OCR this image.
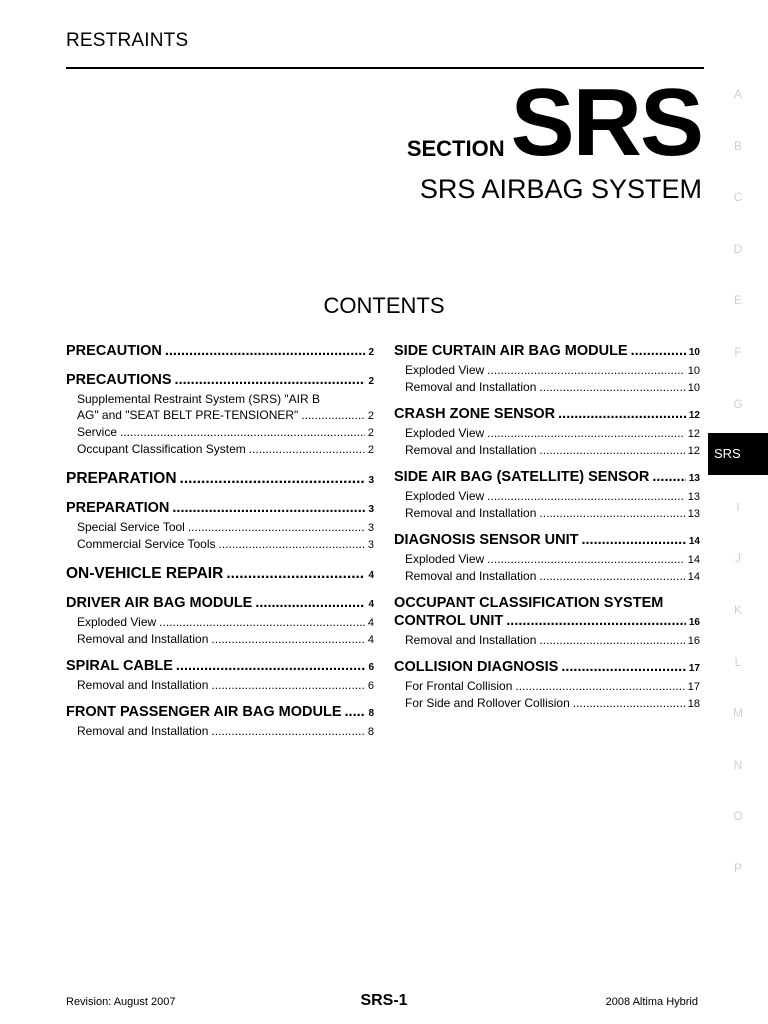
RESTRAINTS
SECTION SRS
SRS AIRBAG SYSTEM
CONTENTS
PRECAUTION .....	2
PRECAUTIONS .....	2
Supplemental Restraint System (SRS) "AIR B
AG" and "SEAT BELT PRE-TENSIONER" .....	2
Service .....	2
Occupant Classification System .....	2
PREPARATION .....	3
PREPARATION .....	3
Special Service Tool .....	3
Commercial Service Tools .....	3
ON-VEHICLE REPAIR .....	4
DRIVER AIR BAG MODULE .....	4
Exploded View .....	4
Removal and Installation .....	4
SPIRAL CABLE .....	6
Removal and Installation .....	6
FRONT PASSENGER AIR BAG MODULE .....	8
Removal and Installation .....	8
SIDE CURTAIN AIR BAG MODULE .....	10
Exploded View .....	10
Removal and Installation .....	10
CRASH ZONE SENSOR .....	12
Exploded View .....	12
Removal and Installation .....	12
SIDE AIR BAG (SATELLITE) SENSOR .....	13
Exploded View .....	13
Removal and Installation .....	13
DIAGNOSIS SENSOR UNIT .....	14
Exploded View .....	14
Removal and Installation .....	14
OCCUPANT CLASSIFICATION SYSTEM
CONTROL UNIT .....	16
Removal and Installation .....	16
COLLISION DIAGNOSIS .....	17
For Frontal Collision .....	17
For Side and Rollover Collision .....	18
A
B
C
D
E
F
G
SRS
I
J
K
L
M
N
O
P
Revision: August 2007	SRS-1	2008 Altima Hybrid
